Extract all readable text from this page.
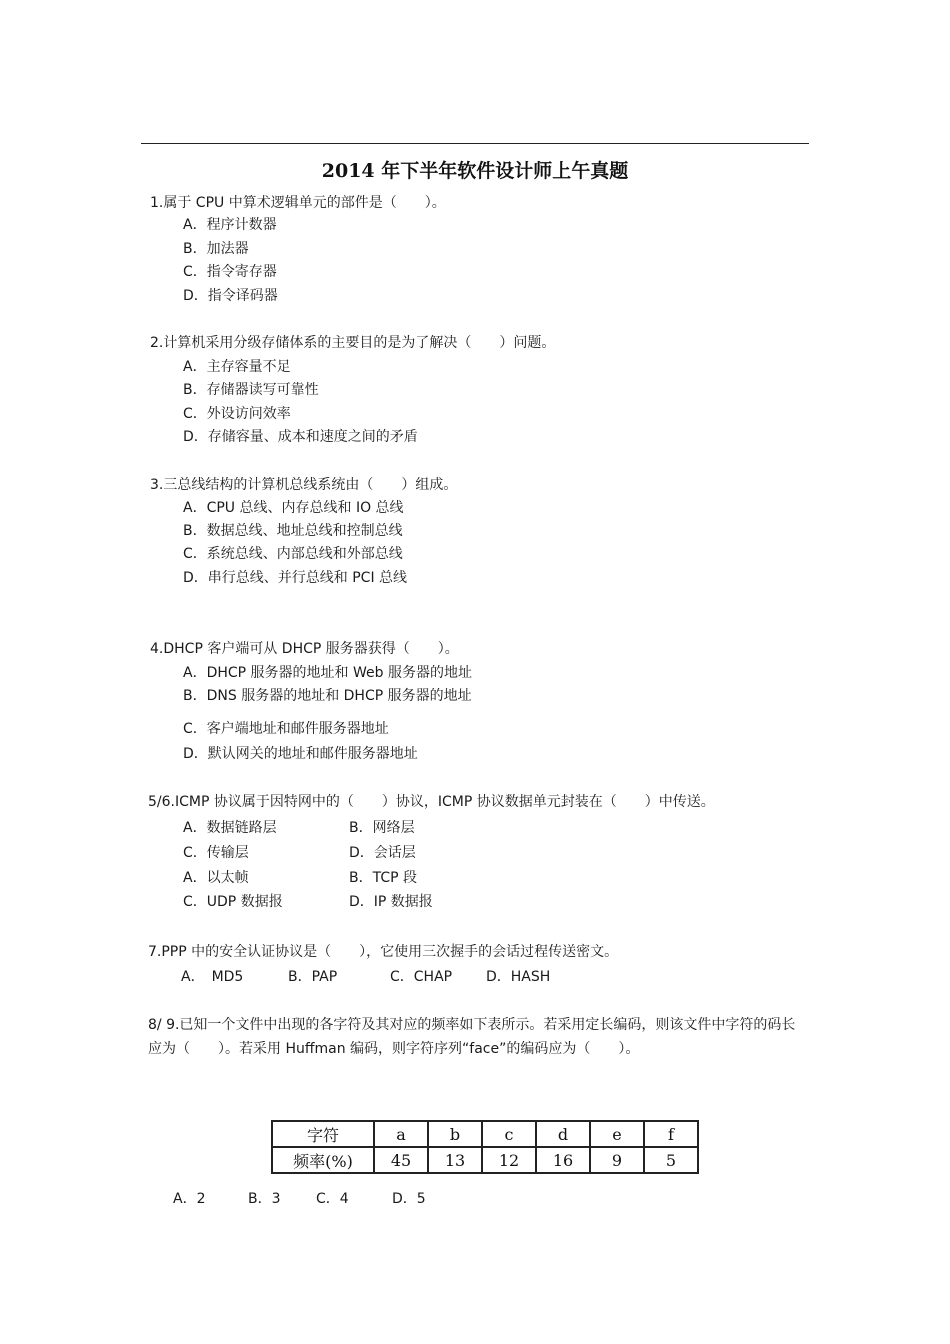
2014 年下半年软件设计师上午真题
1.属于 CPU 中算术逻辑单元的部件是（　　）。
A．程序计数器
B．加法器
C．指令寄存器
D．指令译码器
2.计算机采用分级存储体系的主要目的是为了解决（　　）问题。
A．主存容量不足
B．存储器读写可靠性
C．外设访问效率
D．存储容量、成本和速度之间的矛盾
3.三总线结构的计算机总线系统由（　　）组成。
A．CPU 总线、内存总线和 IO 总线
B．数据总线、地址总线和控制总线
C．系统总线、内部总线和外部总线
D．串行总线、并行总线和 PCI 总线
4.DHCP 客户端可从 DHCP 服务器获得（　　）。
A．DHCP 服务器的地址和 Web 服务器的地址
B．DNS 服务器的地址和 DHCP 服务器的地址
C．客户端地址和邮件服务器地址
D．默认网关的地址和邮件服务器地址
5/6.ICMP 协议属于因特网中的（　　）协议，ICMP 协议数据单元封装在（　　）中传送。
A．数据链路层	B．网络层
C．传输层	D．会话层
A．以太帧	B．TCP 段
C．UDP 数据报	D．IP 数据报
7.PPP 中的安全认证协议是（　　），它使用三次握手的会话过程传送密文。
A．　MD5	B．PAP	C．CHAP D．HASH
8/ 9.已知一个文件中出现的各字符及其对应的频率如下表所示。若采用定长编码，则该文件中字符的码长应为（　　）。若采用 Huffman 编码，则字符序列“face”的编码应为（　　）。
字符	a	b	c	d	e	f
频率(%)	45	13	12	16	9	5
A．2	B．3	C．4	D．5
